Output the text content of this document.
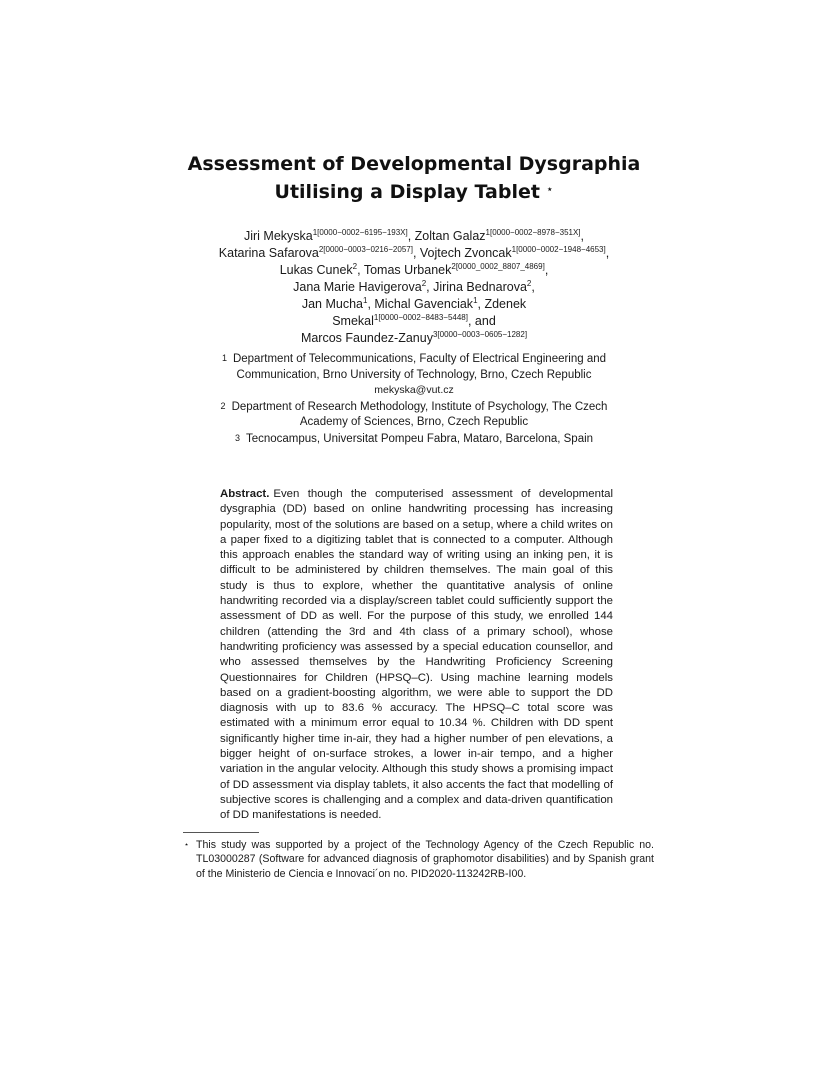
Assessment of Developmental Dysgraphia
Utilising a Display Tablet ⋆
Jiri Mekyska$^{1[0000-0002-6195-193X]}$, Zoltan Galaz$^{1[0000-0002-8978-351X]}$,
Katarina Safarova$^{2[0000-0003-0216-2057]}$, Vojtech Zvoncak$^{1[0000-0002-1948-4653]}$,
Lukas Cunek$^2$, Tomas Urbanek$^{2[0000\_0002\_8807\_4869]}$,
Jana Marie Havigerova$^2$, Jirina Bednarova$^2$,
Jan Mucha$^1$, Michal Gavenciak$^1$, Zdenek
Smekal$^{1[0000-0002-8483-5448]}$, and
Marcos Faundez-Zanuy$^{3[0000-0003-0605-1282]}$
1 Department of Telecommunications, Faculty of Electrical Engineering and
Communication, Brno University of Technology, Brno, Czech Republic
mekyska@vut.cz
2 Department of Research Methodology, Institute of Psychology, The Czech
Academy of Sciences, Brno, Czech Republic
3 Tecnocampus, Universitat Pompeu Fabra, Mataro, Barcelona, Spain
Abstract. Even though the computerised assessment of developmental dysgraphia (DD) based on online handwriting processing has increasing popularity, most of the solutions are based on a setup, where a child writes on a paper fixed to a digitizing tablet that is connected to a computer. Although this approach enables the standard way of writing using an inking pen, it is difficult to be administered by children themselves. The main goal of this study is thus to explore, whether the quantitative analysis of online handwriting recorded via a display/screen tablet could sufficiently support the assessment of DD as well. For the purpose of this study, we enrolled 144 children (attending the 3rd and 4th class of a primary school), whose handwriting proficiency was assessed by a special education counsellor, and who assessed themselves by the Handwriting Proficiency Screening Questionnaires for Children (HPSQ–C). Using machine learning models based on a gradient-boosting algorithm, we were able to support the DD diagnosis with up to 83.6 % accuracy. The HPSQ–C total score was estimated with a minimum error equal to 10.34 %. Children with DD spent significantly higher time in-air, they had a higher number of pen elevations, a bigger height of on-surface strokes, a lower in-air tempo, and a higher variation in the angular velocity. Although this study shows a promising impact of DD assessment via display tablets, it also accents the fact that modelling of subjective scores is challenging and a complex and data-driven quantification of DD manifestations is needed.
⋆ This study was supported by a project of the Technology Agency of the Czech Republic no. TL03000287 (Software for advanced diagnosis of graphomotor disabilities) and by Spanish grant of the Ministerio de Ciencia e Innovaci´on no. PID2020-113242RB-I00.
